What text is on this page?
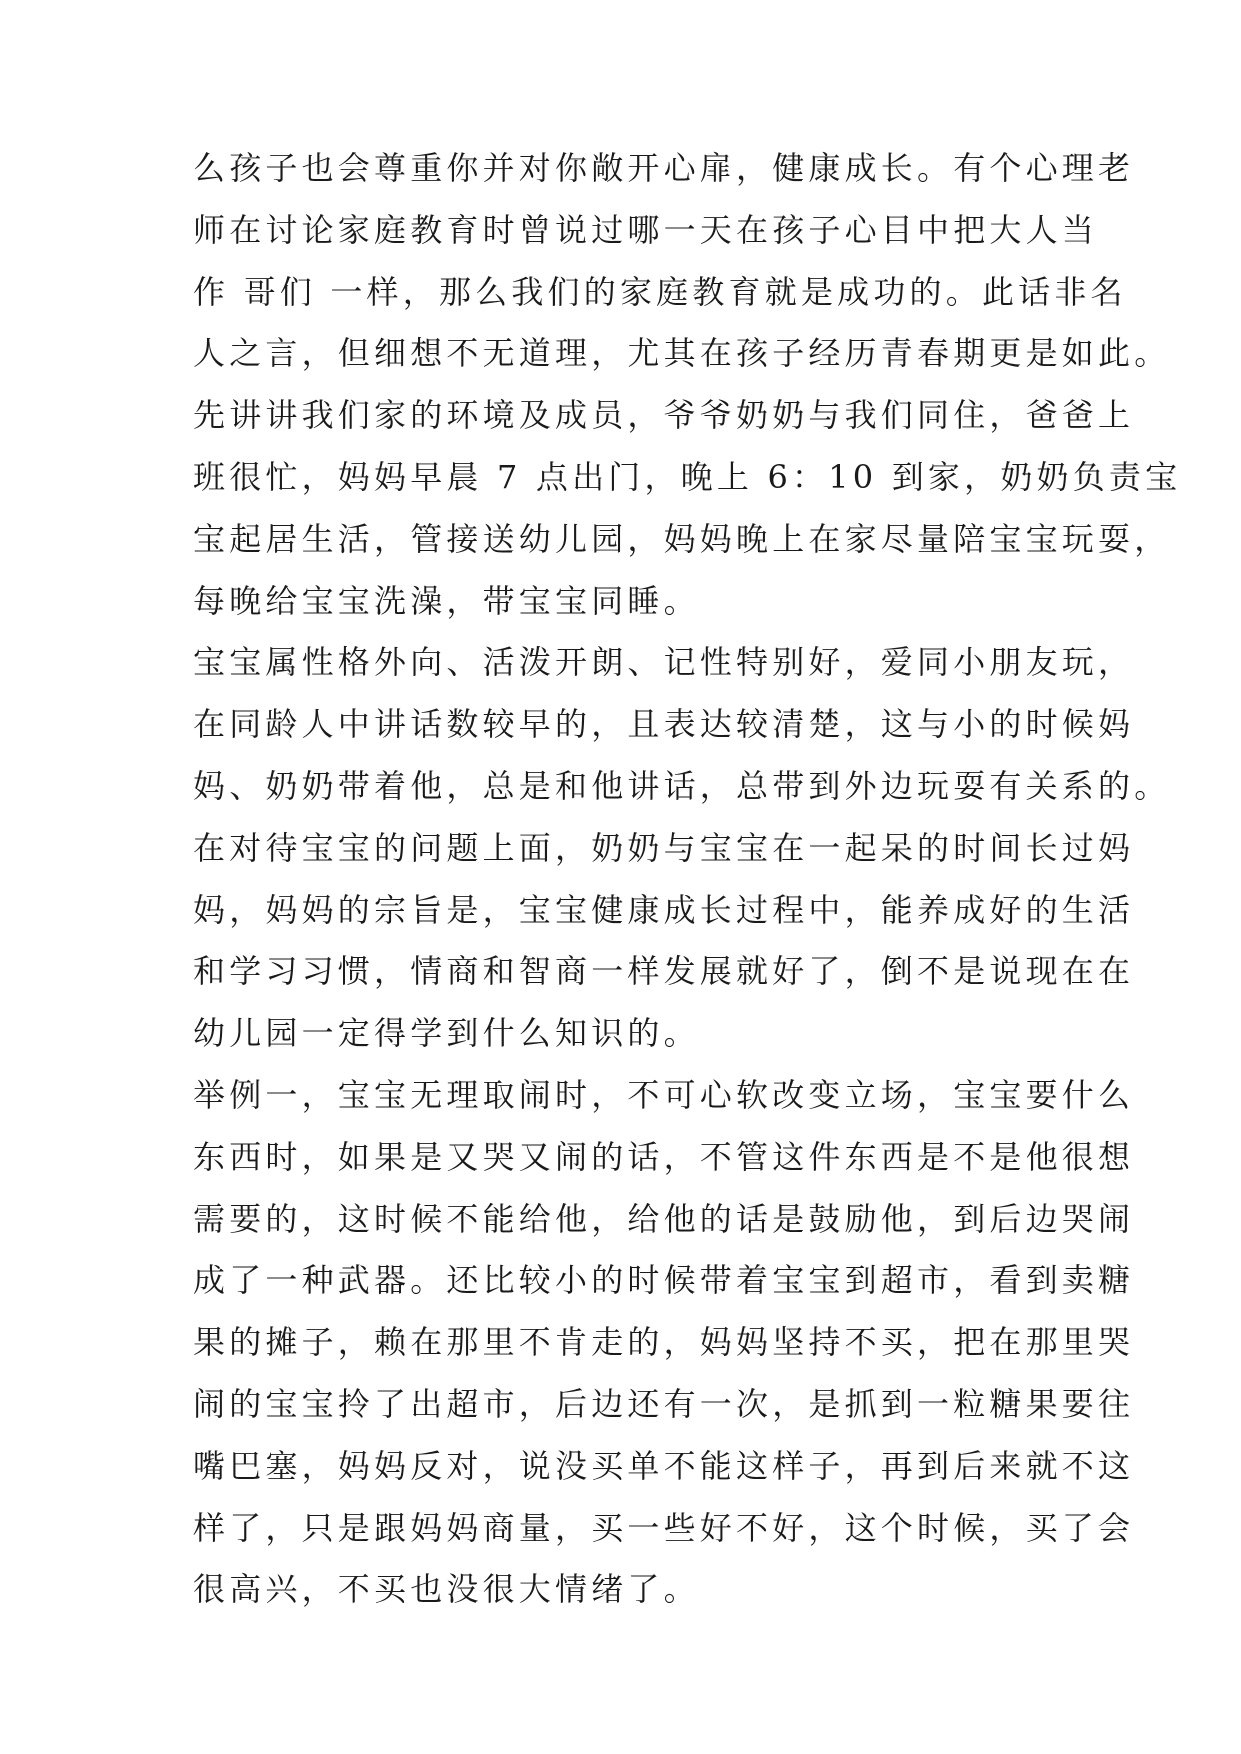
么孩子也会尊重你并对你敞开心扉，健康成长。有个心理老
师在讨论家庭教育时曾说过哪一天在孩子心目中把大人当
作 哥们 一样，那么我们的家庭教育就是成功的。此话非名
人之言，但细想不无道理，尤其在孩子经历青春期更是如此。
先讲讲我们家的环境及成员，爷爷奶奶与我们同住，爸爸上
班很忙，妈妈早晨 7 点出门，晚上 6：10 到家，奶奶负责宝
宝起居生活，管接送幼儿园，妈妈晚上在家尽量陪宝宝玩耍，
每晚给宝宝洗澡，带宝宝同睡。
宝宝属性格外向、活泼开朗、记性特别好，爱同小朋友玩，
在同龄人中讲话数较早的，且表达较清楚，这与小的时候妈
妈、奶奶带着他，总是和他讲话，总带到外边玩耍有关系的。
在对待宝宝的问题上面，奶奶与宝宝在一起呆的时间长过妈
妈，妈妈的宗旨是，宝宝健康成长过程中，能养成好的生活
和学习习惯，情商和智商一样发展就好了，倒不是说现在在
幼儿园一定得学到什么知识的。
举例一，宝宝无理取闹时，不可心软改变立场，宝宝要什么
东西时，如果是又哭又闹的话，不管这件东西是不是他很想
需要的，这时候不能给他，给他的话是鼓励他，到后边哭闹
成了一种武器。还比较小的时候带着宝宝到超市，看到卖糖
果的摊子，赖在那里不肯走的，妈妈坚持不买，把在那里哭
闹的宝宝拎了出超市，后边还有一次，是抓到一粒糖果要往
嘴巴塞，妈妈反对，说没买单不能这样子，再到后来就不这
样了，只是跟妈妈商量，买一些好不好，这个时候，买了会
很高兴，不买也没很大情绪了。
